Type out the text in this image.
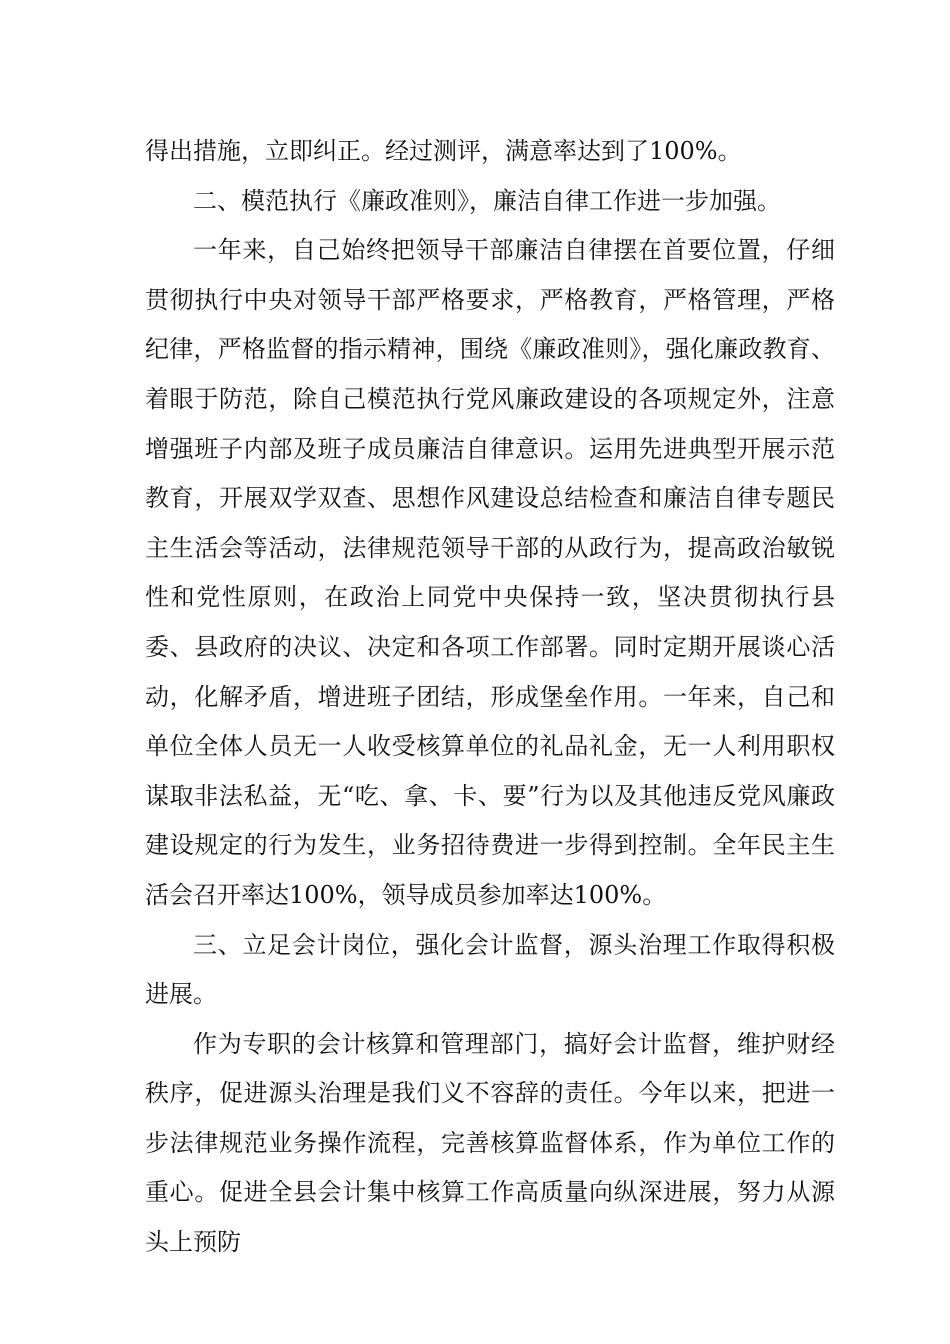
得出措施，立即纠正。经过测评，满意率达到了100%。

二、模范执行《廉政准则》，廉洁自律工作进一步加强。

一年来，自己始终把领导干部廉洁自律摆在首要位置，仔细贯彻执行中央对领导干部严格要求，严格教育，严格管理，严格纪律，严格监督的指示精神，围绕《廉政准则》，强化廉政教育、着眼于防范，除自己模范执行党风廉政建设的各项规定外，注意增强班子内部及班子成员廉洁自律意识。运用先进典型开展示范教育，开展双学双查、思想作风建设总结检查和廉洁自律专题民主生活会等活动，法律规范领导干部的从政行为，提高政治敏锐性和党性原则，在政治上同党中央保持一致，坚决贯彻执行县委、县政府的决议、决定和各项工作部署。同时定期开展谈心活动，化解矛盾，增进班子团结，形成堡垒作用。一年来，自己和单位全体人员无一人收受核算单位的礼品礼金，无一人利用职权谋取非法私益，无“吃、拿、卡、要”行为以及其他违反党风廉政建设规定的行为发生，业务招待费进一步得到控制。全年民主生活会召开率达100%，领导成员参加率达100%。

三、立足会计岗位，强化会计监督，源头治理工作取得积极进展。

作为专职的会计核算和管理部门，搞好会计监督，维护财经秩序，促进源头治理是我们义不容辞的责任。今年以来，把进一步法律规范业务操作流程，完善核算监督体系，作为单位工作的重心。促进全县会计集中核算工作高质量向纵深进展，努力从源头上预防
